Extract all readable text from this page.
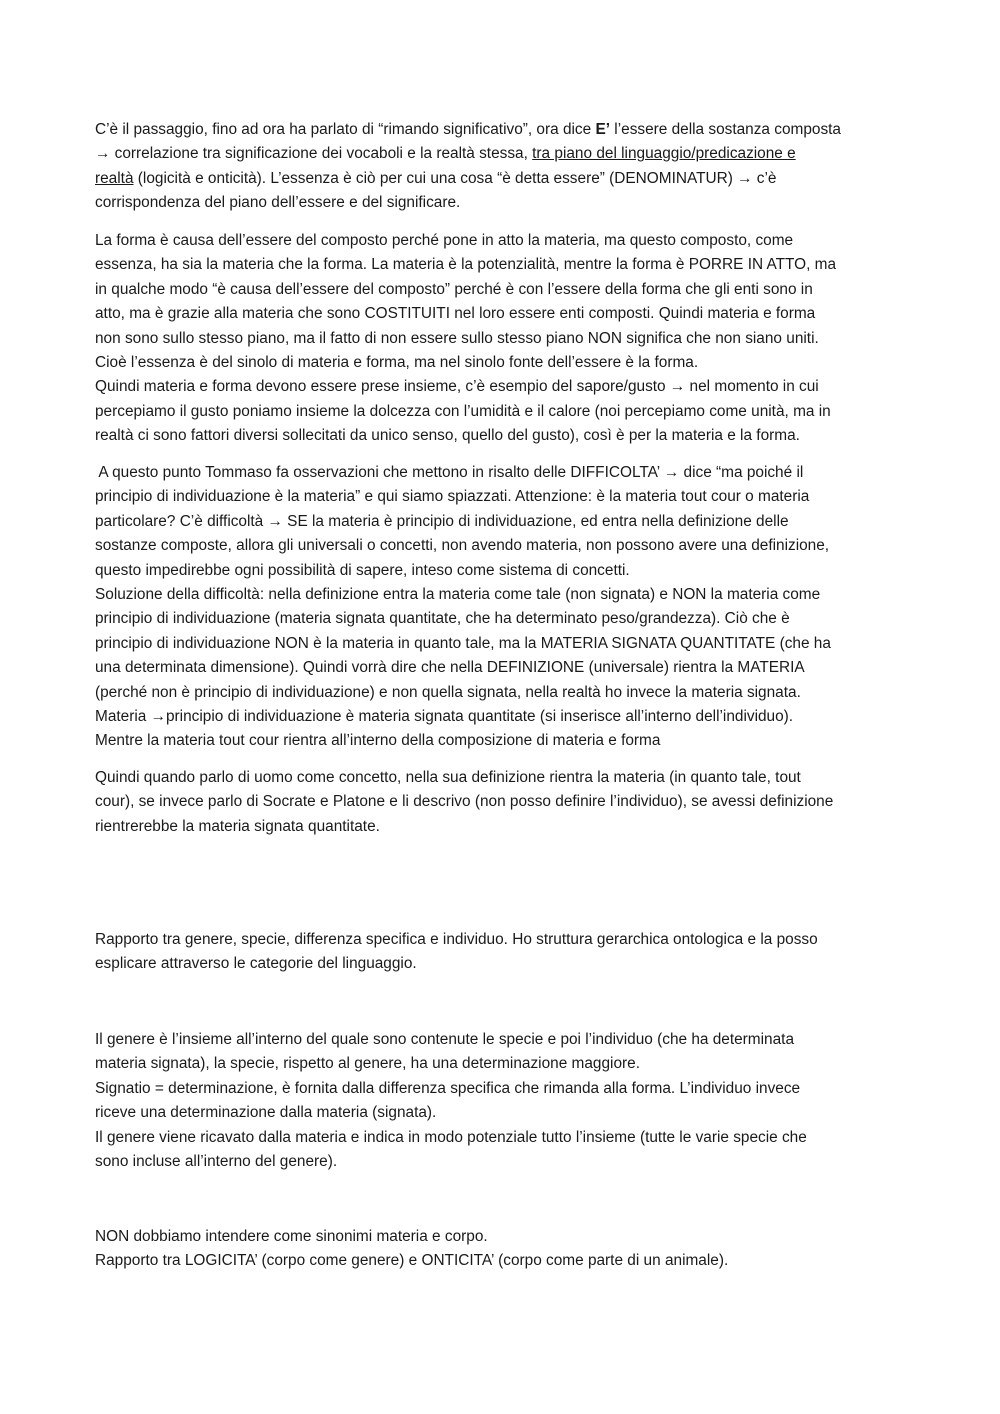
C’è il passaggio, fino ad ora ha parlato di “rimando significativo”, ora dice E’ l’essere della sostanza composta
→ correlazione tra significazione dei vocaboli e la realtà stessa, tra piano del linguaggio/predicazione e
realtà (logicità e onticità). L’essenza è ciò per cui una cosa “è detta essere” (DENOMINATUR) → c’è
corrispondenza del piano dell’essere e del significare.
La forma è causa dell’essere del composto perché pone in atto la materia, ma questo composto, come
essenza, ha sia la materia che la forma. La materia è la potenzialità, mentre la forma è PORRE IN ATTO, ma
in qualche modo “è causa dell’essere del composto” perché è con l’essere della forma che gli enti sono in
atto, ma è grazie alla materia che sono COSTITUITI nel loro essere enti composti. Quindi materia e forma
non sono sullo stesso piano, ma il fatto di non essere sullo stesso piano NON significa che non siano uniti.
Cioè l’essenza è del sinolo di materia e forma, ma nel sinolo fonte dell’essere è la forma.
Quindi materia e forma devono essere prese insieme, c’è esempio del sapore/gusto → nel momento in cui
percepiamo il gusto poniamo insieme la dolcezza con l’umidità e il calore (noi percepiamo come unità, ma in
realtà ci sono fattori diversi sollecitati da unico senso, quello del gusto), così è per la materia e la forma.
A questo punto Tommaso fa osservazioni che mettono in risalto delle DIFFICOLTA’ → dice “ma poiché il
principio di individuazione è la materia” e qui siamo spiazzati. Attenzione: è la materia tout cour o materia
particolare? C’è difficoltà → SE la materia è principio di individuazione, ed entra nella definizione delle
sostanze composte, allora gli universali o concetti, non avendo materia, non possono avere una definizione,
questo impedirebbe ogni possibilità di sapere, inteso come sistema di concetti.
Soluzione della difficoltà: nella definizione entra la materia come tale (non signata) e NON la materia come
principio di individuazione (materia signata quantitate, che ha determinato peso/grandezza). Ciò che è
principio di individuazione NON è la materia in quanto tale, ma la MATERIA SIGNATA QUANTITATE (che ha
una determinata dimensione). Quindi vorrà dire che nella DEFINIZIONE (universale) rientra la MATERIA
(perché non è principio di individuazione) e non quella signata, nella realtà ho invece la materia signata.
Materia →principio di individuazione è materia signata quantitate (si inserisce all’interno dell’individuo).
Mentre la materia tout cour rientra all’interno della composizione di materia e forma
Quindi quando parlo di uomo come concetto, nella sua definizione rientra la materia (in quanto tale, tout
cour), se invece parlo di Socrate e Platone e li descrivo (non posso definire l’individuo), se avessi definizione
rientrerebbe la materia signata quantitate.
Rapporto tra genere, specie, differenza specifica e individuo. Ho struttura gerarchica ontologica e la posso
esplicare attraverso le categorie del linguaggio.
Il genere è l’insieme all’interno del quale sono contenute le specie e poi l’individuo (che ha determinata
materia signata), la specie, rispetto al genere, ha una determinazione maggiore.
Signatio = determinazione, è fornita dalla differenza specifica che rimanda alla forma. L’individuo invece
riceve una determinazione dalla materia (signata).
Il genere viene ricavato dalla materia e indica in modo potenziale tutto l’insieme (tutte le varie specie che
sono incluse all’interno del genere).
NON dobbiamo intendere come sinonimi materia e corpo.
Rapporto tra LOGICITA’ (corpo come genere) e ONTICITA’ (corpo come parte di un animale).
